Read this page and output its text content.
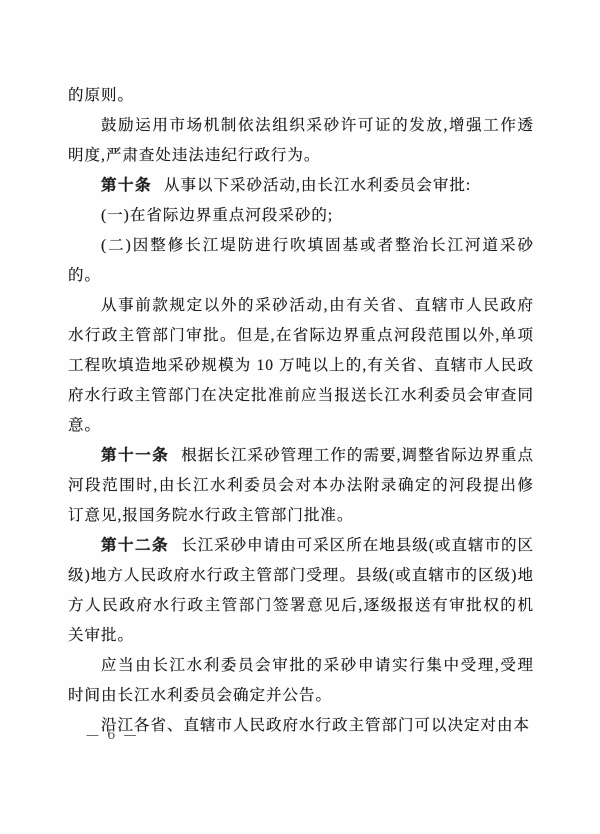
的原则。

鼓励运用市场机制依法组织采砂许可证的发放,增强工作透明度,严肃查处违法违纪行政行为。

第十条 从事以下采砂活动,由长江水利委员会审批:

(一)在省际边界重点河段采砂的;

(二)因整修长江堤防进行吹填固基或者整治长江河道采砂的。

从事前款规定以外的采砂活动,由有关省、直辖市人民政府水行政主管部门审批。但是,在省际边界重点河段范围以外,单项工程吹填造地采砂规模为 10 万吨以上的,有关省、直辖市人民政府水行政主管部门在决定批准前应当报送长江水利委员会审查同意。

第十一条 根据长江采砂管理工作的需要,调整省际边界重点河段范围时,由长江水利委员会对本办法附录确定的河段提出修订意见,报国务院水行政主管部门批准。

第十二条 长江采砂申请由可采区所在地县级(或直辖市的区级)地方人民政府水行政主管部门受理。县级(或直辖市的区级)地方人民政府水行政主管部门签署意见后,逐级报送有审批权的机关审批。

应当由长江水利委员会审批的采砂申请实行集中受理,受理时间由长江水利委员会确定并公告。

沿江各省、直辖市人民政府水行政主管部门可以决定对由本

— 6 —
